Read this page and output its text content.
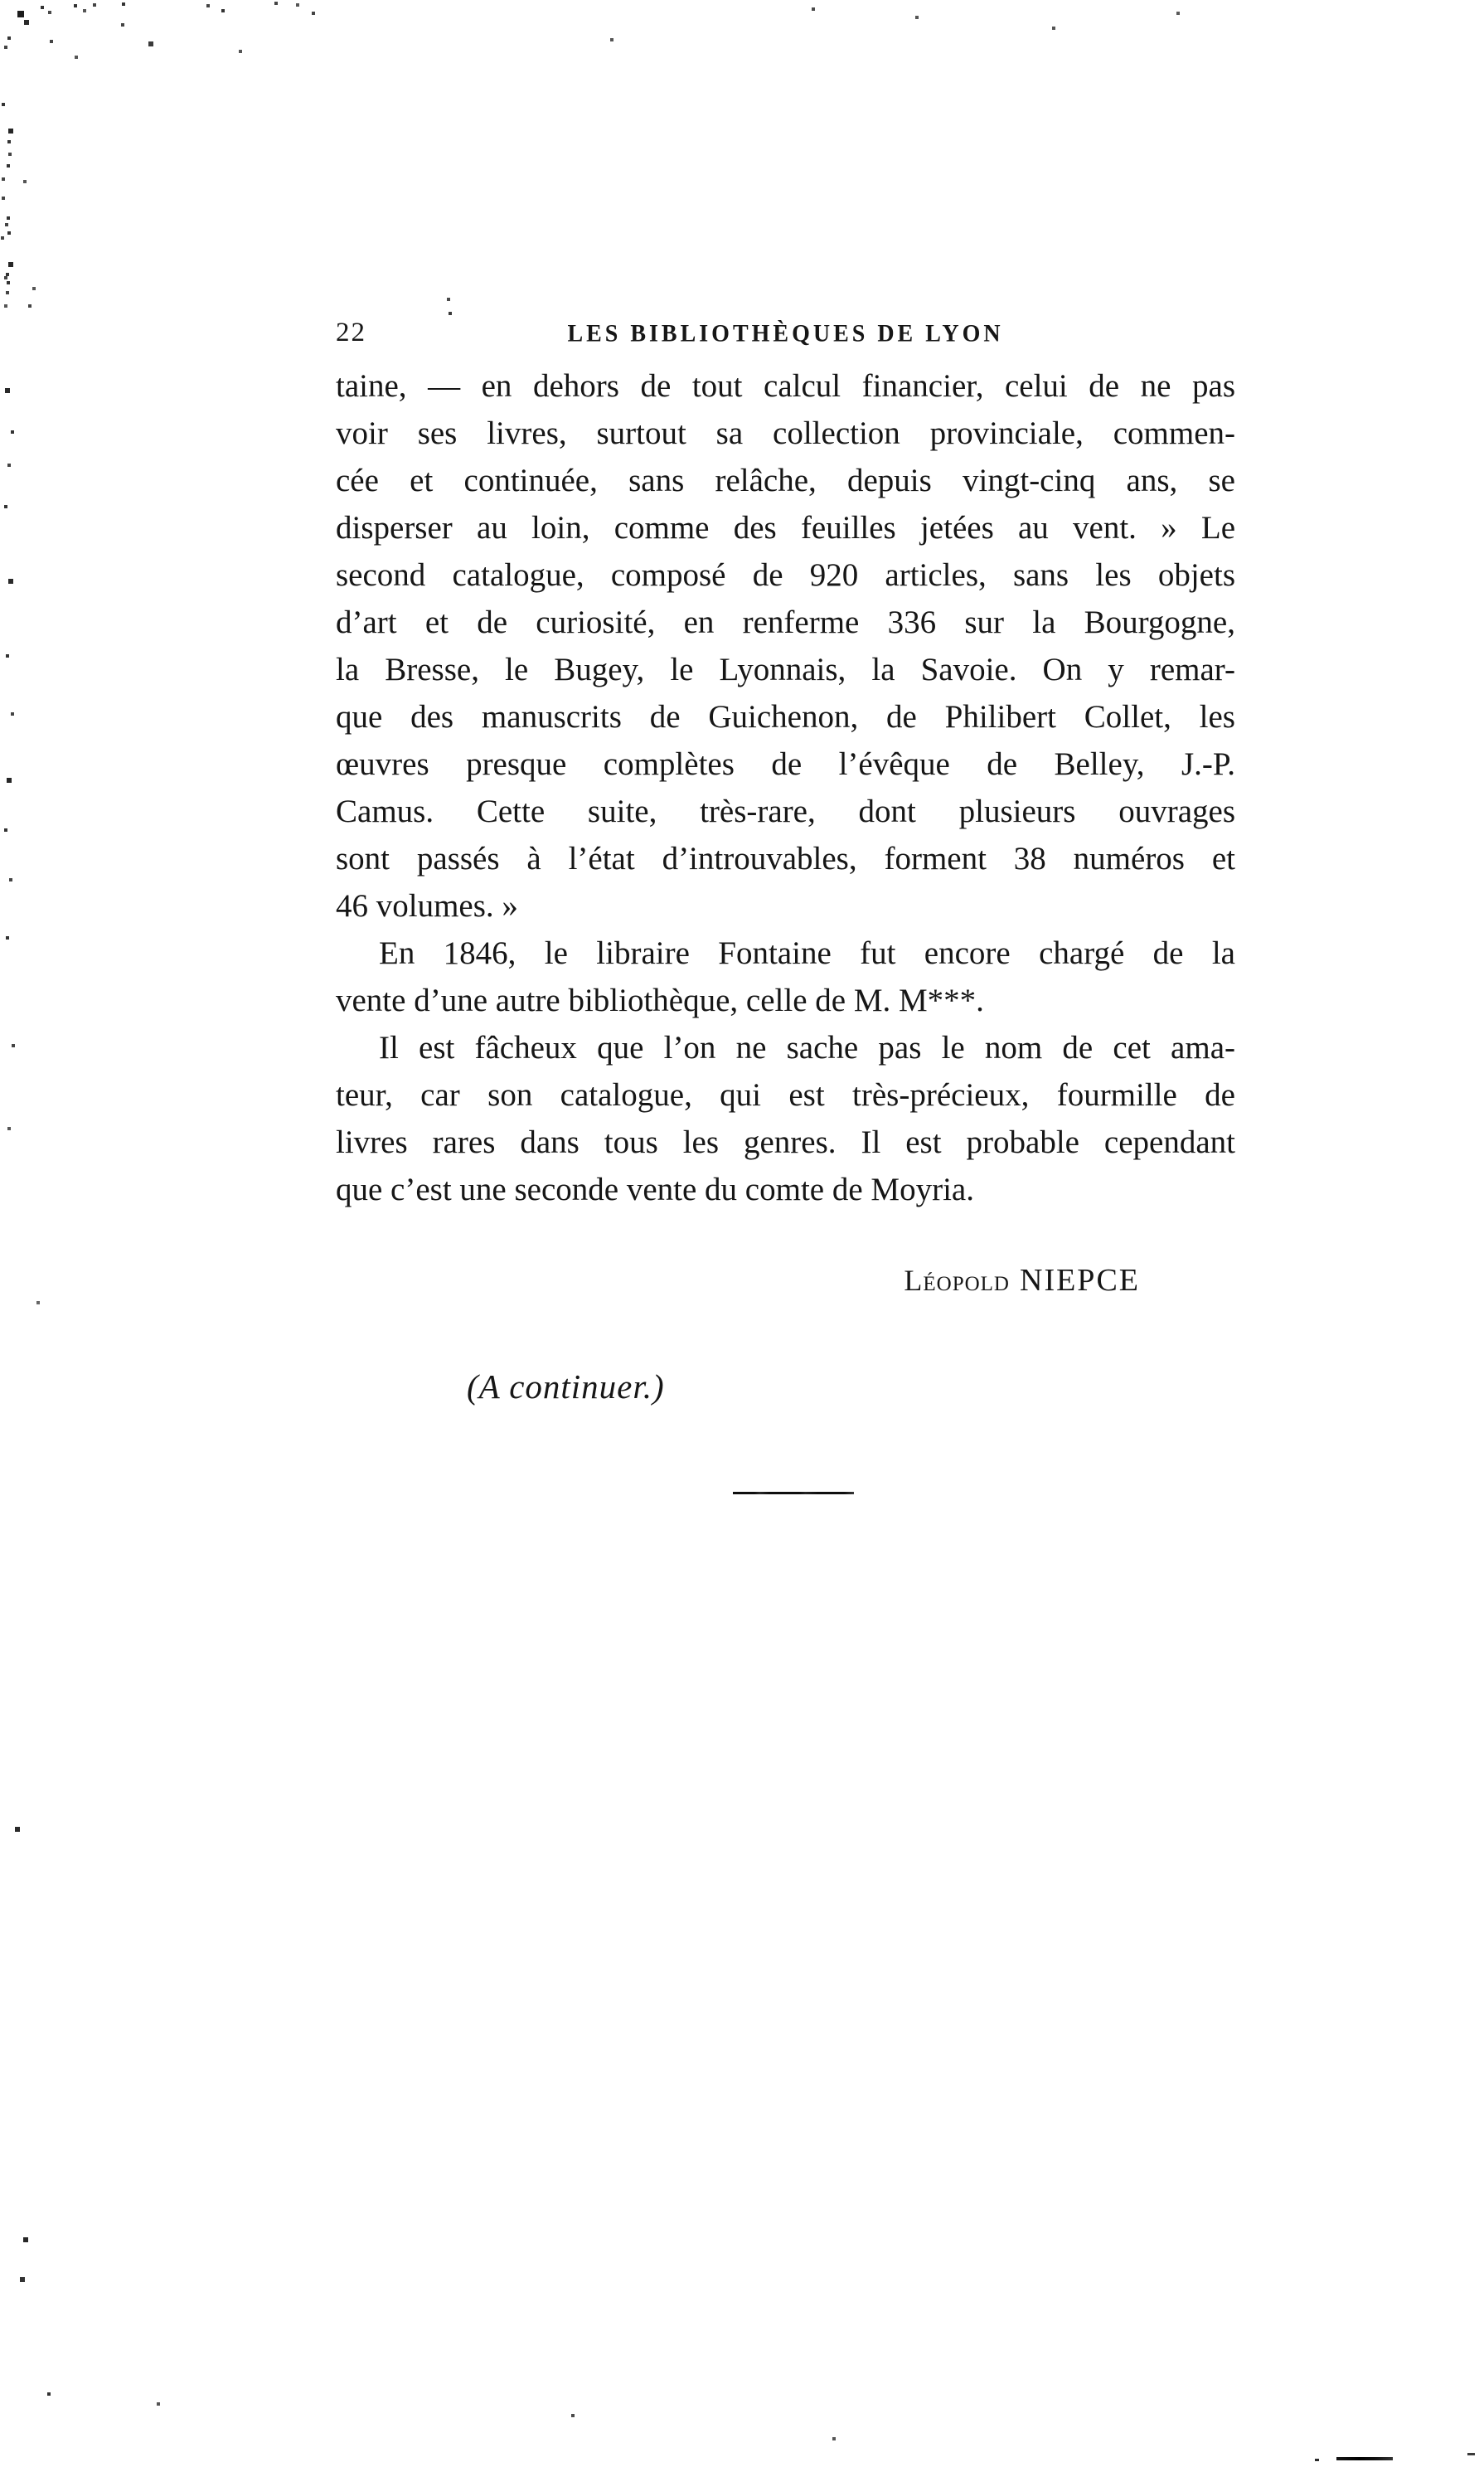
22	LES BIBLIOTHÈQUES DE LYON
taine, — en dehors de tout calcul financier, celui de ne pas
voir ses livres, surtout sa collection provinciale, commen-
cée et continuée, sans relâche, depuis vingt-cinq ans, se
disperser au loin, comme des feuilles jetées au vent. » Le
second catalogue, composé de 920 articles, sans les objets
d’art et de curiosité, en renferme 336 sur la Bourgogne,
la Bresse, le Bugey, le Lyonnais, la Savoie. On y remar-
que des manuscrits de Guichenon, de Philibert Collet, les
œuvres presque complètes de l’évêque de Belley, J.-P.
Camus. Cette suite, très-rare, dont plusieurs ouvrages
sont passés à l’état d’introuvables, forment 38 numéros et
46 volumes. »
En 1846, le libraire Fontaine fut encore chargé de la
vente d’une autre bibliothèque, celle de M. M***.
Il est fâcheux que l’on ne sache pas le nom de cet ama-
teur, car son catalogue, qui est très-précieux, fourmille de
livres rares dans tous les genres. Il est probable cependant
que c’est une seconde vente du comte de Moyria.
Léopold NIEPCE
(A continuer.)
